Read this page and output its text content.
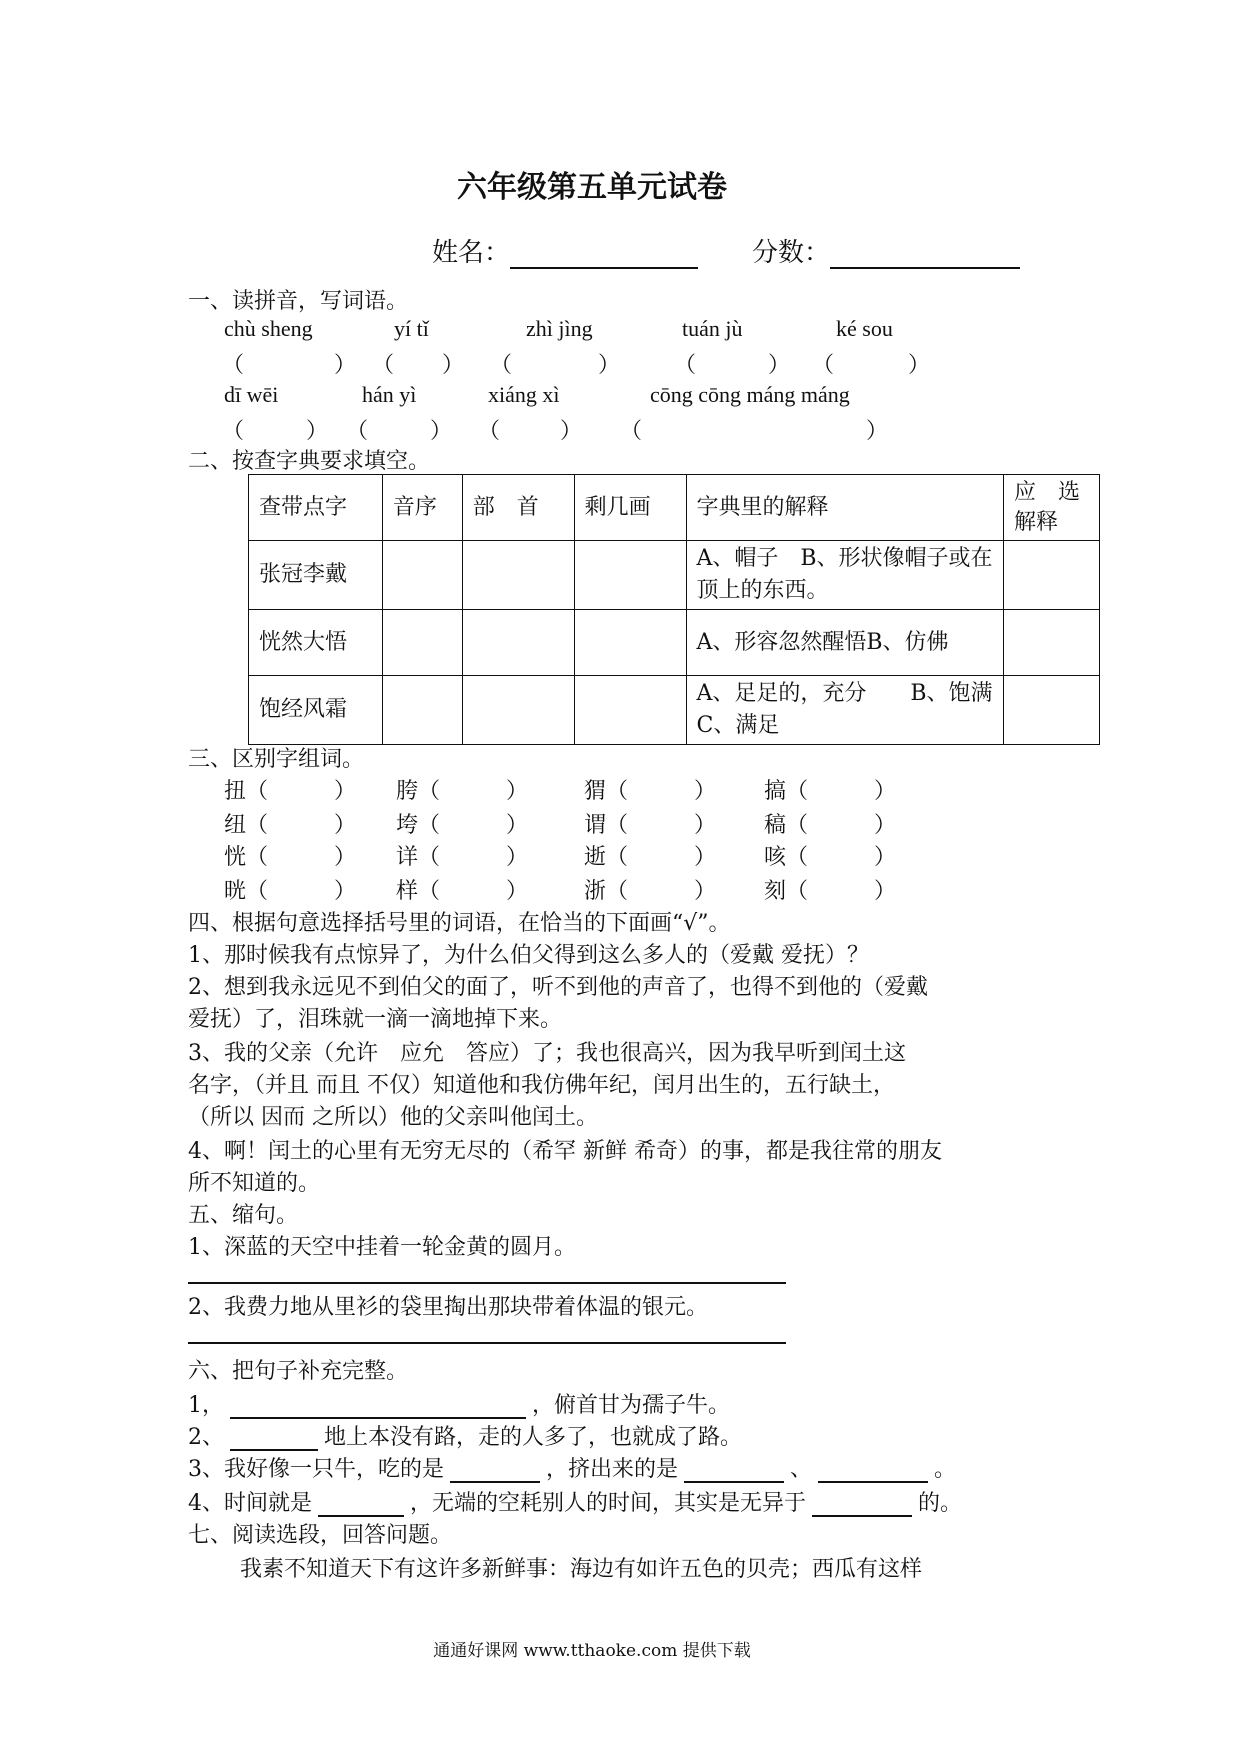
六年级第五单元试卷
姓名：	分数：
一、读拼音，写词语。
chù sheng	yí tǐ	zhì jìng	tuán jù	ké sou
（	） （ ） （	） （	） （	）
dī wēi	hán yì	xiáng xì	cōng cōng máng máng
（	） （	） （	） （	）
二、按查字典要求填空。
查带点字	音序	部　首	剩几画	字典里的解释	应　选解释
张冠李戴				A、帽子　B、形状像帽子或在顶上的东西。	
恍然大悟				A、形容忽然醒悟B、仿佛	
饱经风霜				A、足足的，充分　　B、饱满　C、满足	
三、区别字组词。
扭（	） 胯（	）	猬（	） 搞（	）
纽（	） 垮（	）	谓（	） 稿（	）
恍（	） 详（	）	逝（	） 咳（	）
晄（	） 样（	）	浙（	） 刻（	）
四、根据句意选择括号里的词语，在恰当的下面画“√”。
1、那时候我有点惊异了，为什么伯父得到这么多人的（爱戴 爱抚）？
2、想到我永远见不到伯父的面了，听不到他的声音了，也得不到他的（爱戴
爱抚）了，泪珠就一滴一滴地掉下来。
3、我的父亲（允许　应允　答应）了；我也很高兴，因为我早听到闰土这
名字，（并且 而且 不仅）知道他和我仿佛年纪，闰月出生的，五行缺土，
（所以 因而 之所以）他的父亲叫他闰土。
4、啊！闰土的心里有无穷无尽的（希罕 新鲜 希奇）的事，都是我往常的朋友
所不知道的。
五、缩句。
1、深蓝的天空中挂着一轮金黄的圆月。
2、我费力地从里衫的袋里掏出那块带着体温的银元。
六、把句子补充完整。
1，	，俯首甘为孺子牛。
2、	地上本没有路，走的人多了，也就成了路。
3、我好像一只牛，吃的是	，挤出来的是	、	。
4、时间就是	，无端的空耗别人的时间，其实是无异于	的。
七、阅读选段，回答问题。
我素不知道天下有这许多新鲜事：海边有如许五色的贝壳；西瓜有这样
通通好课网 www.tthaoke.com 提供下载
